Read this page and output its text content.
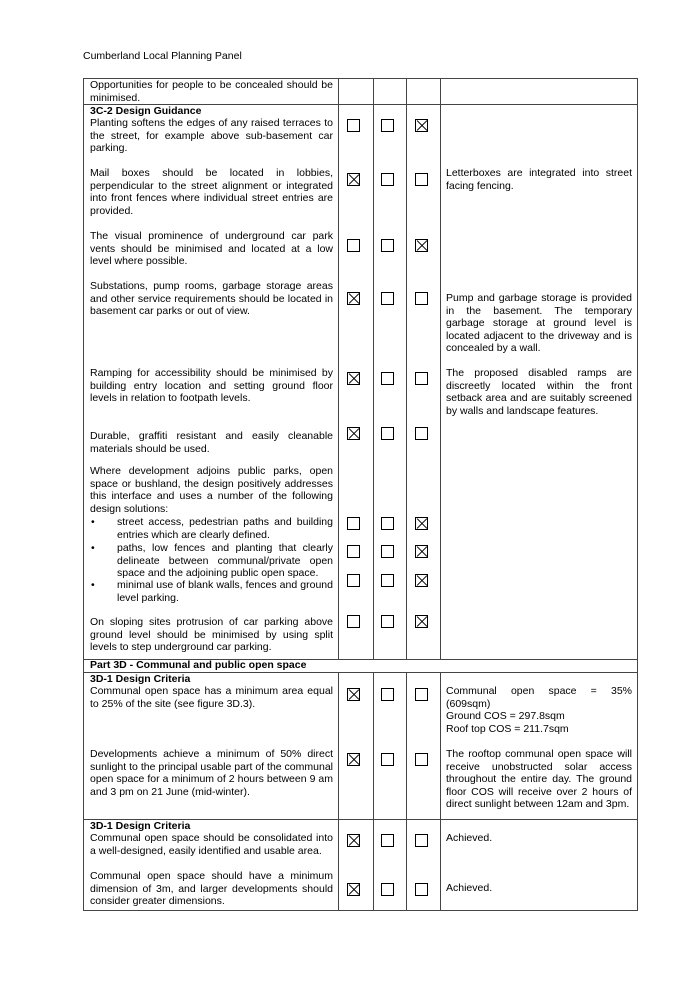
Cumberland Local Planning Panel
Opportunities for people to be concealed should be minimised.
3C-2 Design Guidance
Planting softens the edges of any raised terraces to the street, for example above sub-basement car parking.
Mail boxes should be located in lobbies, perpendicular to the street alignment or integrated into front fences where individual street entries are provided.
Letterboxes are integrated into street facing fencing.
The visual prominence of underground car park vents should be minimised and located at a low level where possible.
Substations, pump rooms, garbage storage areas and other service requirements should be located in basement car parks or out of view.
Pump and garbage storage is provided in the basement. The temporary garbage storage at ground level is located adjacent to the driveway and is concealed by a wall.
Ramping for accessibility should be minimised by building entry location and setting ground floor levels in relation to footpath levels.
The proposed disabled ramps are discreetly located within the front setback area and are suitably screened by walls and landscape features.
Durable, graffiti resistant and easily cleanable materials should be used.
Where development adjoins public parks, open space or bushland, the design positively addresses this interface and uses a number of the following design solutions:
• street access, pedestrian paths and building entries which are clearly defined.
• paths, low fences and planting that clearly delineate between communal/private open space and the adjoining public open space.
• minimal use of blank walls, fences and ground level parking.
On sloping sites protrusion of car parking above ground level should be minimised by using split levels to step underground car parking.
Part 3D - Communal and public open space
3D-1 Design Criteria
Communal open space has a minimum area equal to 25% of the site (see figure 3D.3).
Communal open space = 35% (609sqm)
Ground COS = 297.8sqm
Roof top COS = 211.7sqm
Developments achieve a minimum of 50% direct sunlight to the principal usable part of the communal open space for a minimum of 2 hours between 9 am and 3 pm on 21 June (mid-winter).
The rooftop communal open space will receive unobstructed solar access throughout the entire day. The ground floor COS will receive over 2 hours of direct sunlight between 12am and 3pm.
3D-1 Design Criteria
Communal open space should be consolidated into a well-designed, easily identified and usable area.
Achieved.
Communal open space should have a minimum dimension of 3m, and larger developments should consider greater dimensions.
Achieved.
